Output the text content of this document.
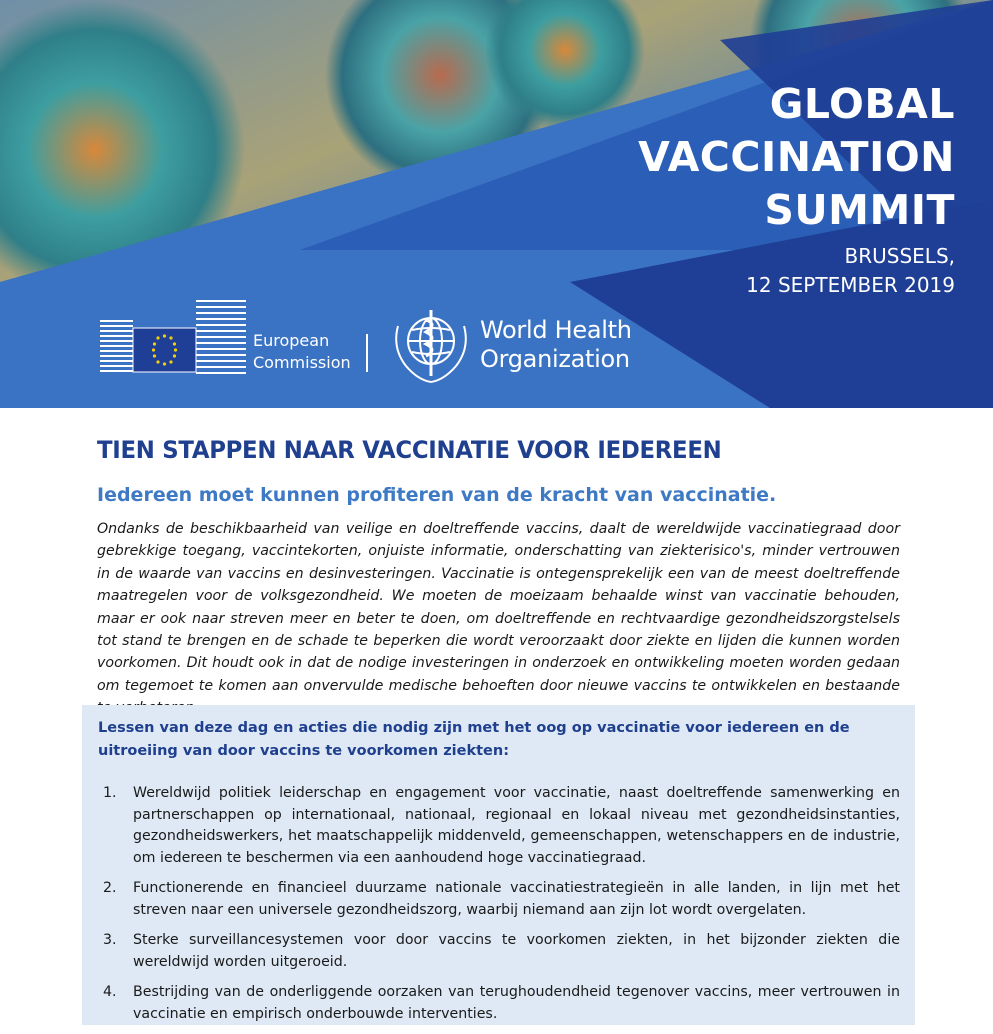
GLOBAL
VACCINATION
SUMMIT
BRUSSELS,
12 SEPTEMBER 2019
European
Commission
World Health
Organization
TIEN STAPPEN NAAR VACCINATIE VOOR IEDEREEN
Iedereen moet kunnen profiteren van de kracht van vaccinatie.

Ondanks de beschikbaarheid van veilige en doeltreffende vaccins, daalt de wereldwijde vaccinatiegraad door gebrekkige toegang, vaccintekorten, onjuiste informatie, onderschatting van ziekterisico's, minder vertrouwen in de waarde van vaccins en desinvesteringen. Vaccinatie is ontegensprekelijk een van de meest doeltreffende maatregelen voor de volksgezondheid. We moeten de moeizaam behaalde winst van vaccinatie behouden, maar er ook naar streven meer en beter te doen, om doeltreffende en rechtvaardige gezondheidszorgstelsels tot stand te brengen en de schade te beperken die wordt veroorzaakt door ziekte en lijden die kunnen worden voorkomen. Dit houdt ook in dat de nodige investeringen in onderzoek en ontwikkeling moeten worden gedaan om tegemoet te komen aan onvervulde medische behoeften door nieuwe vaccins te ontwikkelen en bestaande

Lessen van deze dag en acties die nodig zijn met het oog op vaccinatie voor iedereen en de uitroeiing van door vaccins te voorkomen ziekten:

1. Wereldwijd politiek leiderschap en engagement voor vaccinatie, naast doeltreffende samenwerking en partnerschappen op internationaal, nationaal, regionaal en lokaal niveau met gezondheidsinstanties, gezondheidswerkers, het maatschappelijk middenveld, gemeenschappen, wetenschappers en de industrie, om iedereen te beschermen via een aanhoudend hoge vaccinatiegraad.

2. Functionerende en financieel duurzame nationale vaccinatiestrategieën in alle landen, in lijn met het streven naar een universele gezondheidszorg, waarbij niemand aan zijn lot wordt overgelaten.

3. Sterke surveillancesystemen voor door vaccins te voorkomen ziekten, in het bijzonder ziekten die wereldwijd worden uitgeroeid.

4. Bestrijding van de onderliggende oorzaken van terughoudendheid tegenover vaccins, meer vertrouwen in vaccinatie en empirisch onderbouwde interventies.
